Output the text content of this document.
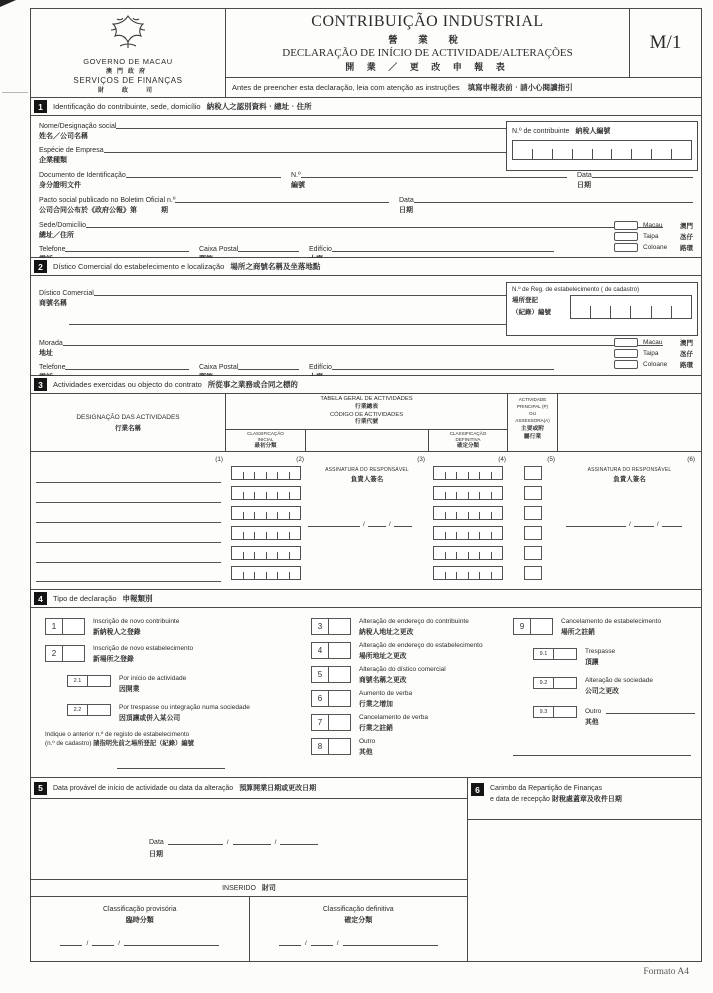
GOVERNO DE MACAU
澳門政府
SERVIÇOS DE FINANÇAS
財　政　司
CONTRIBUIÇÃO INDUSTRIAL
營 業 稅
DECLARAÇÃO DE INÍCIO DE ACTIVIDADE/ALTERAÇÕES
開 業 ／ 更 改 申 報 表
M/1
Antes de preencher esta declaração, leia com atenção as instruções 填寫申報表前‧請小心閱讀指引
1	Identificação do contribuinte, sede, domicílio 納稅人之認別資料‧總址‧住所
N.º de contribuinte 納稅人編號
Nome/Designação social
姓名／公司名稱
Espécie de Empresa
企業種類
Documento de Identificação
身分證明文件
N.º
編號
Data
日期
Pacto social publicado no Boletim Oficial n.º
公司合同公布於《政府公報》第	期
Data
日期
Sede/Domicílio
總址／住所
Telefone	Caixa Postal	Edifício
Macau	澳門
Taipa	氹仔
Coloane	路環
2	Dístico Comercial do estabelecimento e localização 場所之商號名稱及坐落地點
N.º de Reg. de estabelecimento ( de cadastro)
場所登記
（紀錄）編號
Dístico Comercial
商號名稱
Morada
地址
Telefone	Caixa Postal	Edifício
Macau	澳門
Taipa	氹仔
Coloane	路環
3	Actividades exercidas ou objecto do contrato 所從事之業務或合同之標的
DESIGNAÇÃO DAS ACTIVIDADES
行業名稱
TABELA GERAL DE ACTIVIDADES
行業總表
CÓDIGO DE ACTIVIDADES
行業代號
CLASSIFICAÇÃO
INICIAL
最初分類
CLASSIFICAÇÃO
DEFINITIVA
確定分類
ACTIVIDADE
PRINCIPAL (P)
OU
ASSESSORA(A)
主要或附
屬行業
(1)	(2)	(3)	(4)	(5)	(6)
ASSINATURA DO RESPONSÁVEL
負責人簽名
/	/
ASSINATURA DO RESPONSÁVEL
負責人簽名
/	/
4	Tipo de declaração 申報類別
1
Inscrição de novo contribuinte
新納稅人之登錄
2
Inscrição de novo estabelecimento
新場所之登錄
2.1	Por início de actividade
因開業
2.2	Por trespasse ou integração numa sociedade
因頂讓或併入某公司
Indique o anterior n.º de registo de estabelecimento
(n.º de cadastro) 請指明先前之場所登記（紀錄）編號
3
Alteração de endereço do contribuinte
納稅人地址之更改
4
Alteração de endereço do estabelecimento
場所地址之更改
5
Alteração do dístico comercial
商號名稱之更改
6
Aumento de verba
行業之增加
7
Cancelamento de verba
行業之註銷
8
Outro
其他
9
Cancelamento de estabelecimento
場所之註銷
9.1	Trespasse
頂讓
9.2	Alteração de sociedade
公司之更改
9.3	Outro
其他

5	Data provável de início de actividade ou data da alteração 預算開業日期或更改日期
Data	/	/
日期
INSERIDO 財司
Classificação provisória
臨時分類
/	/
Classificação definitiva
確定分類
/	/
6	Carimbo da Repartição de Finanças
e data de recepção 財稅處蓋章及收件日期
Formato A4
